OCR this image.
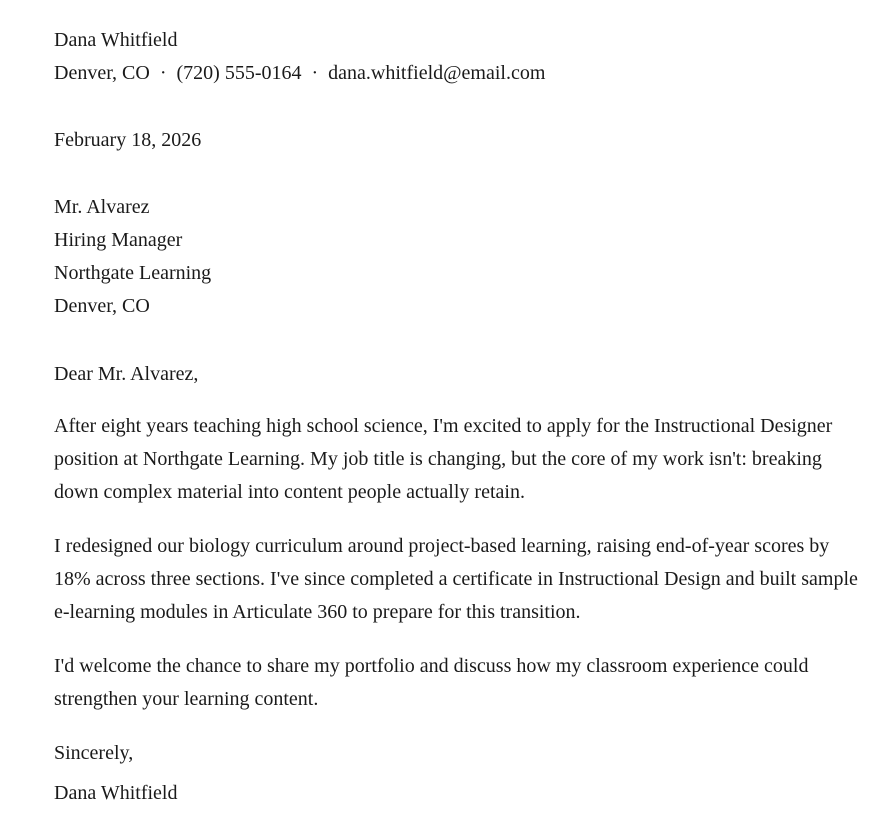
Dana Whitfield
Denver, CO · (720) 555-0164 · dana.whitfield@email.com
February 18, 2026
Mr. Alvarez
Hiring Manager
Northgate Learning
Denver, CO
Dear Mr. Alvarez,

After eight years teaching high school science, I'm excited to apply for the Instructional Designer position at Northgate Learning. My job title is changing, but the core of my work isn't: breaking down complex material into content people actually retain.

I redesigned our biology curriculum around project-based learning, raising end-of-year scores by 18% across three sections. I've since completed a certificate in Instructional Design and built sample e-learning modules in Articulate 360 to prepare for this transition.

I'd welcome the chance to share my portfolio and discuss how my classroom experience could strengthen your learning content.

Sincerely,
Dana Whitfield
